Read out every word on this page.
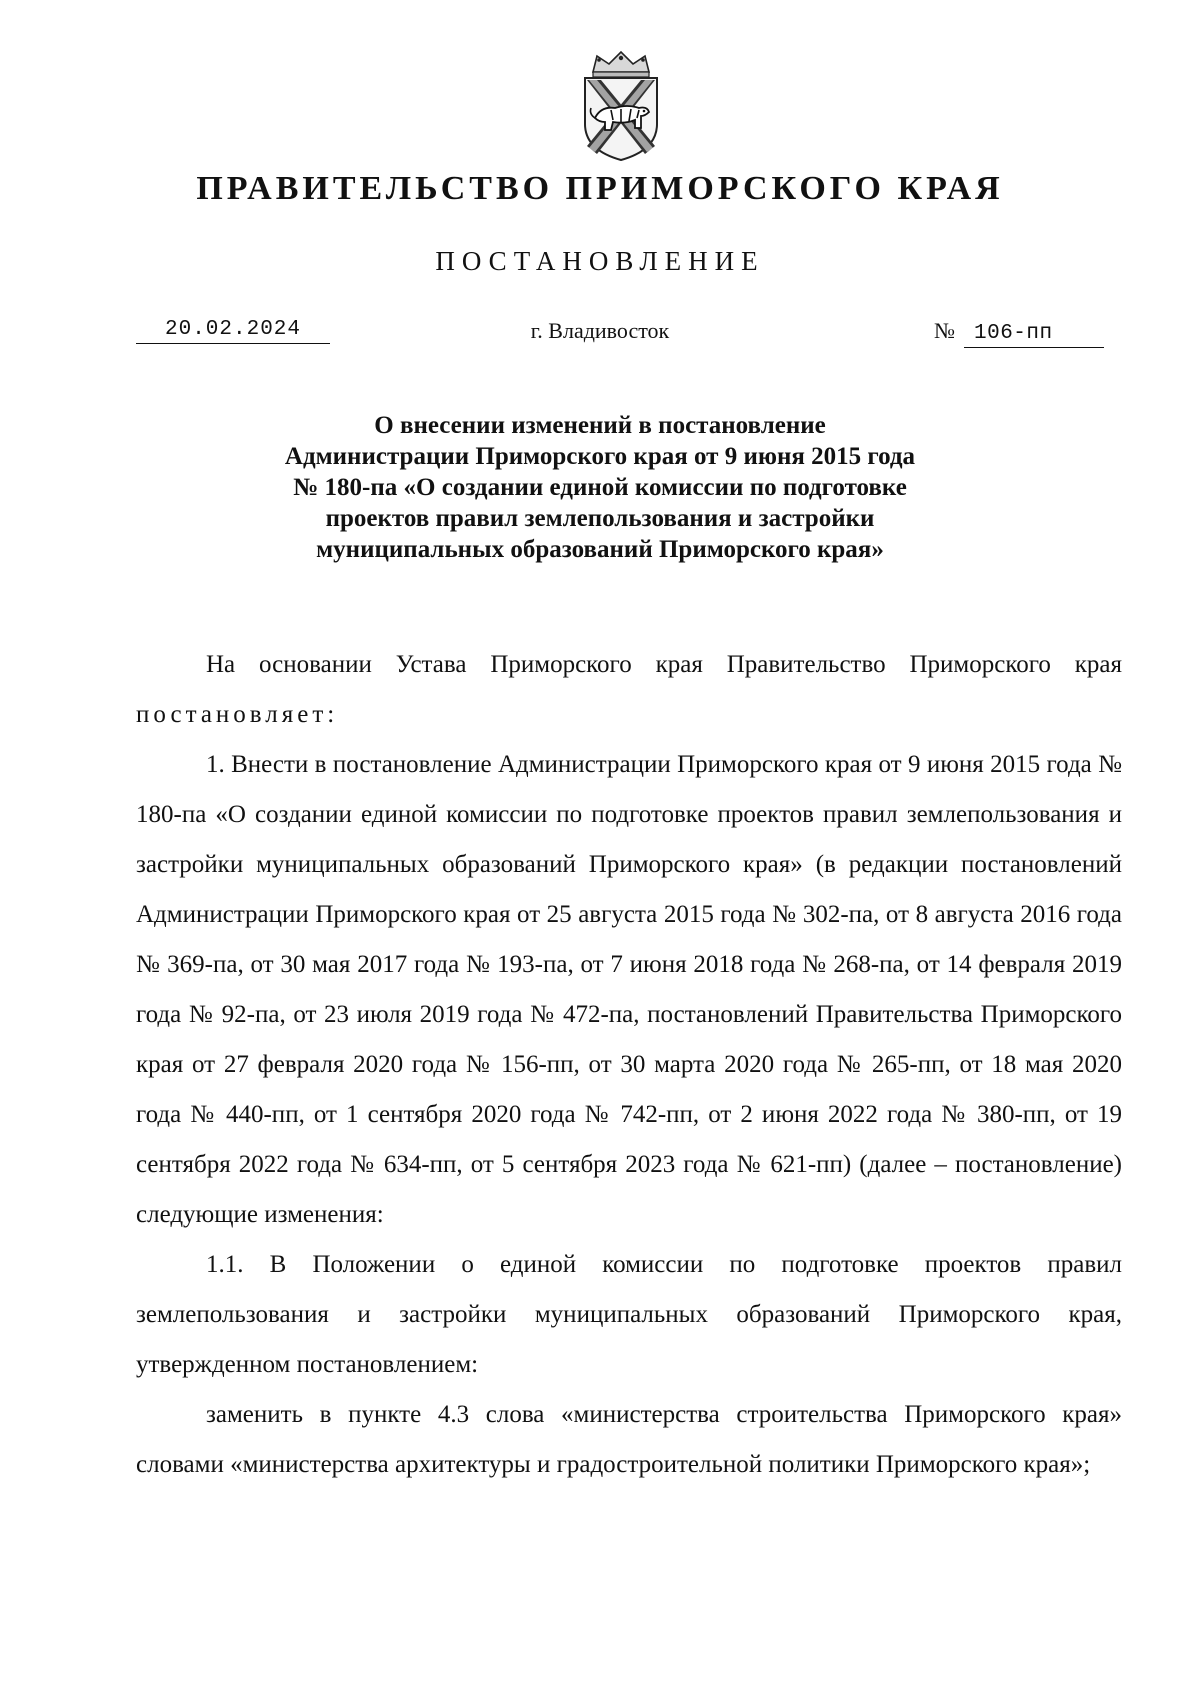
ПРАВИТЕЛЬСТВО ПРИМОРСКОГО КРАЯ
ПОСТАНОВЛЕНИЕ
20.02.2024	г. Владивосток	№ 106-пп
О внесении изменений в постановление
Администрации Приморского края от 9 июня 2015 года
№ 180-па «О создании единой комиссии по подготовке
проектов правил землепользования и застройки
муниципальных образований Приморского края»

На основании Устава Приморского края Правительство Приморского края постановляет:

1. Внести в постановление Администрации Приморского края от 9 июня 2015 года № 180-па «О создании единой комиссии по подготовке проектов правил землепользования и застройки муниципальных образований Приморского края» (в редакции постановлений Администрации Приморского края от 25 августа 2015 года № 302-па, от 8 августа 2016 года № 369-па, от 30 мая 2017 года № 193-па, от 7 июня 2018 года № 268-па, от 14 февраля 2019 года № 92-па, от 23 июля 2019 года № 472-па, постановлений Правительства Приморского края от 27 февраля 2020 года № 156-пп, от 30 марта 2020 года № 265-пп, от 18 мая 2020 года № 440-пп, от 1 сентября 2020 года № 742-пп, от 2 июня 2022 года № 380-пп, от 19 сентября 2022 года № 634-пп, от 5 сентября 2023 года № 621-пп) (далее – постановление) следующие изменения:

1.1. В Положении о единой комиссии по подготовке проектов правил землепользования и застройки муниципальных образований Приморского края, утвержденном постановлением:

заменить в пункте 4.3 слова «министерства строительства Приморского края» словами «министерства архитектуры и градостроительной политики Приморского края»;
